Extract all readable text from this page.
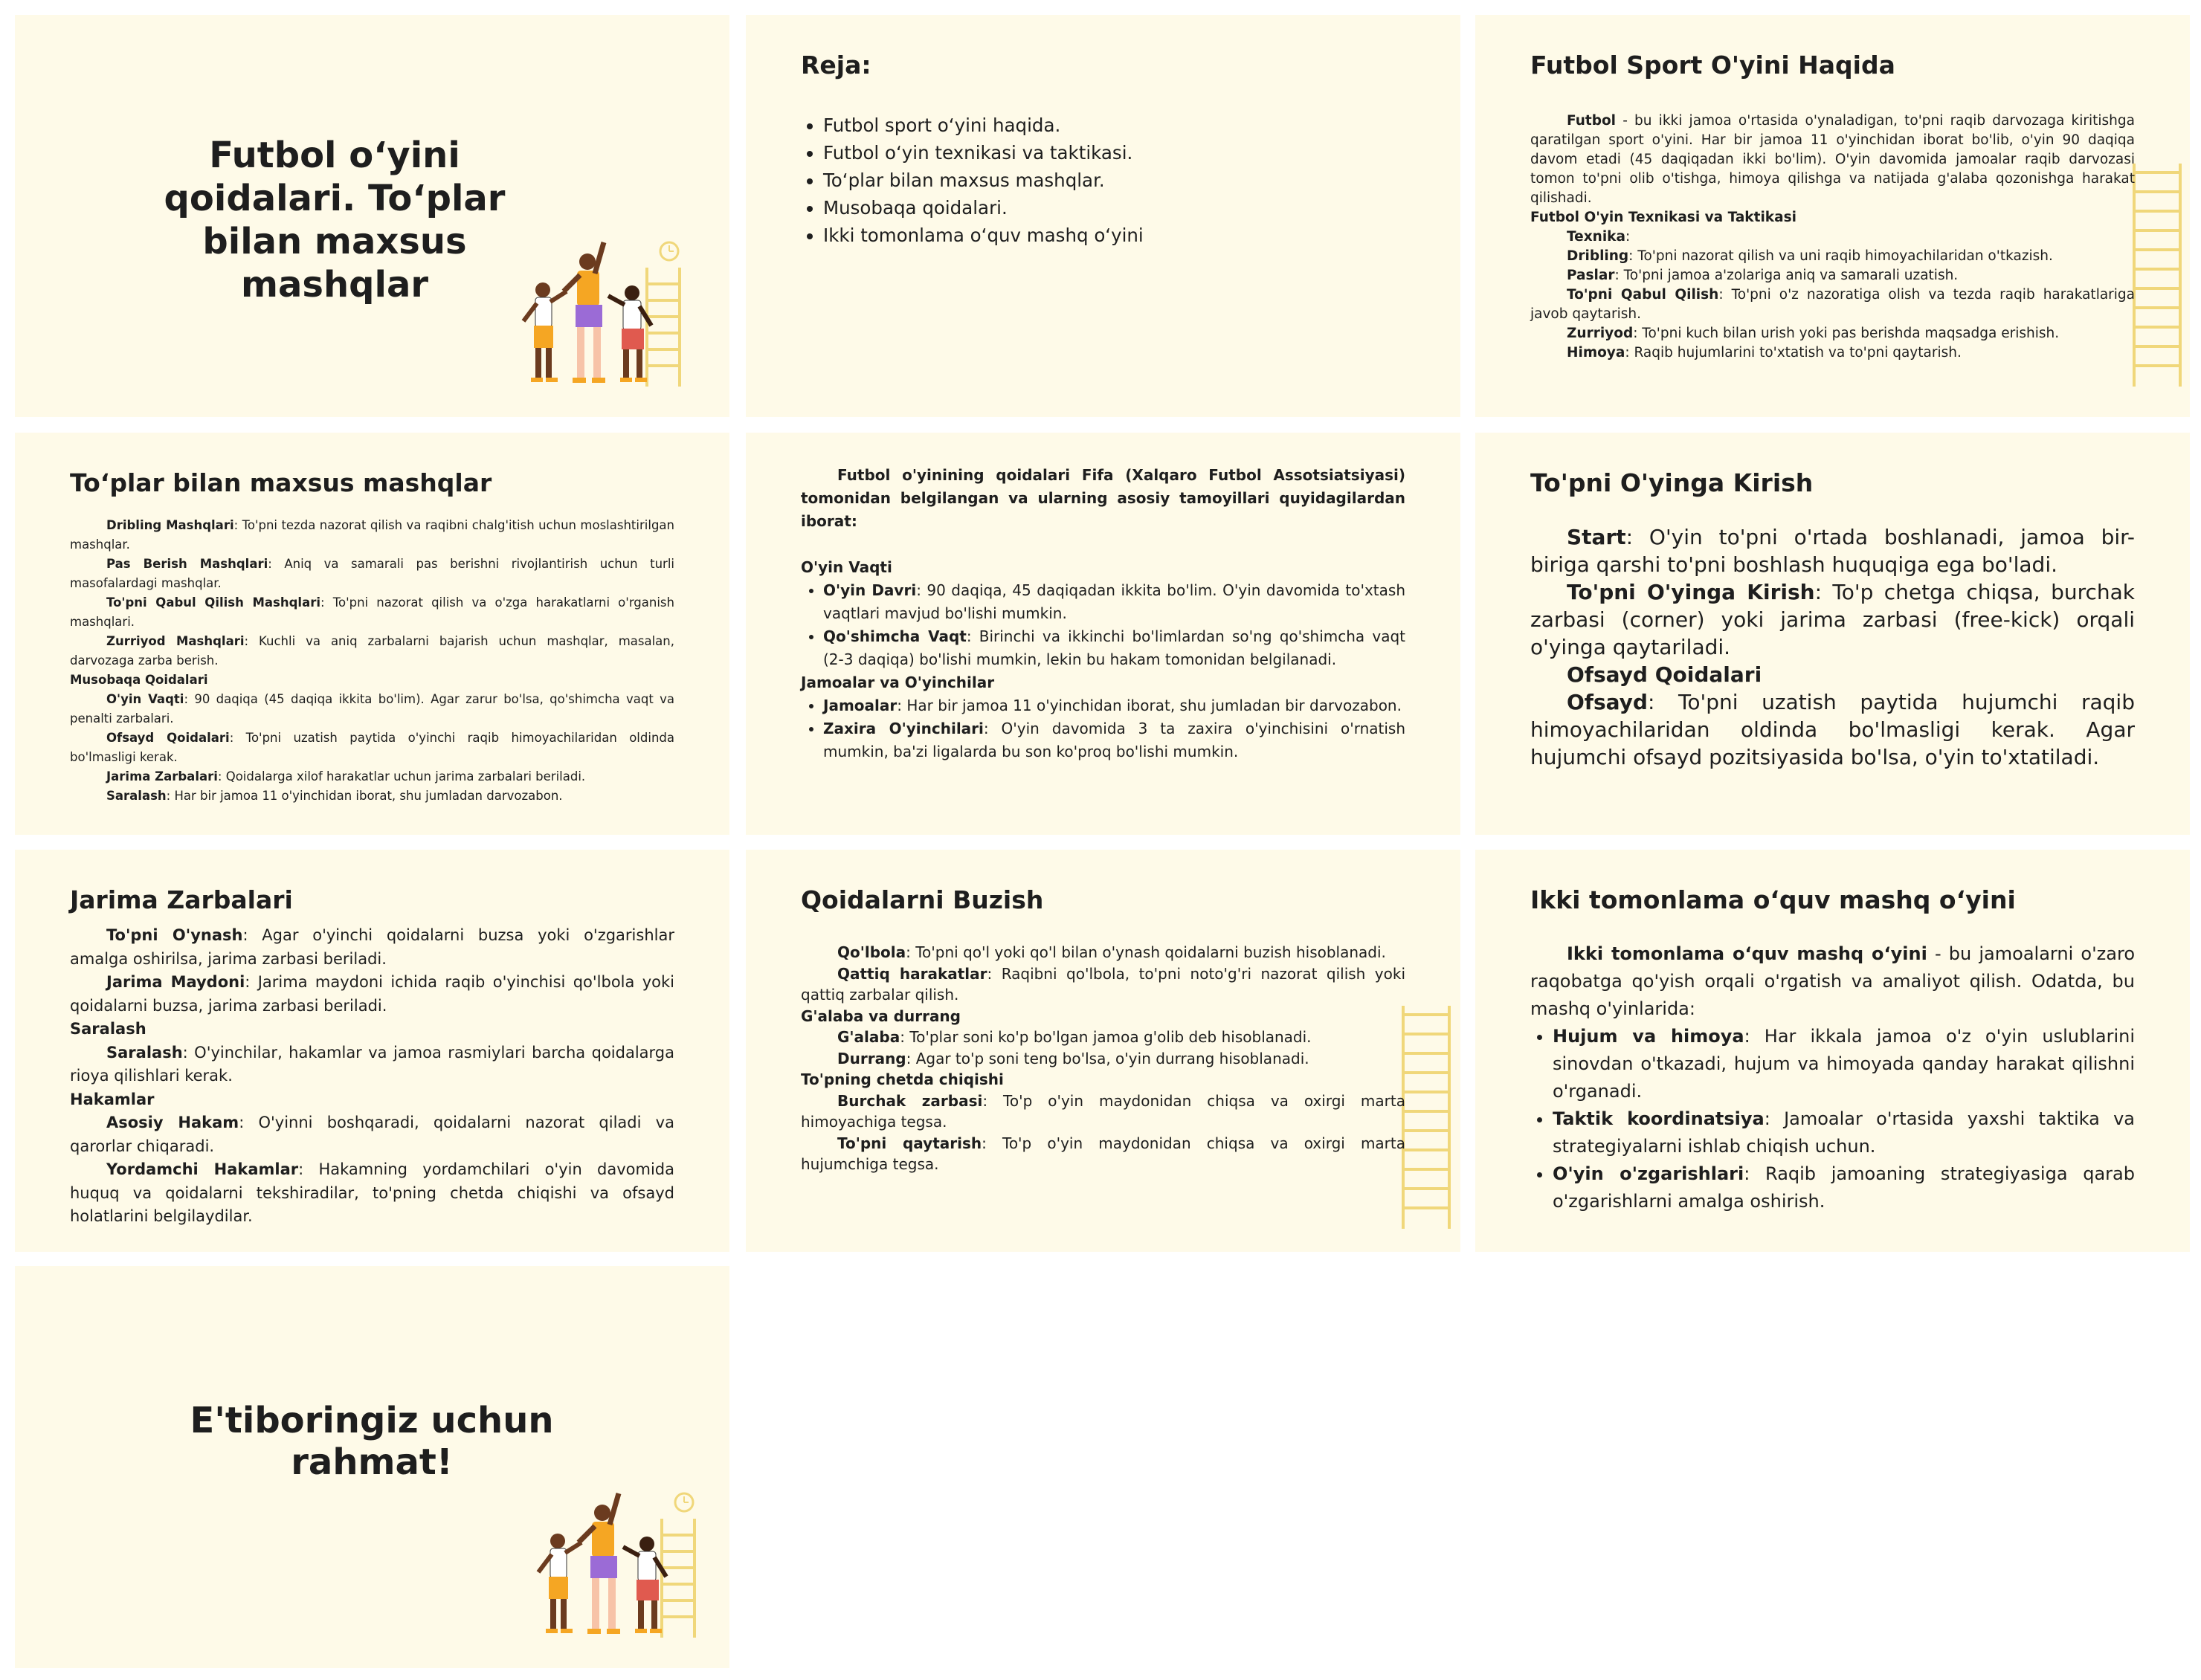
Futbol o‘yini qoidalari. To‘plar bilan maxsus mashqlar
Reja:
• Futbol sport o‘yini haqida.
• Futbol o‘yin texnikasi va taktikasi.
• To‘plar bilan maxsus mashqlar.
• Musobaqa qoidalari.
• Ikki tomonlama o‘quv mashq o‘yini
Futbol Sport O'yini Haqida

Futbol - bu ikki jamoa o'rtasida o'ynaladigan, to'pni raqib darvozaga kiritishga qaratilgan sport o'yini. Har bir jamoa 11 o'yinchidan iborat bo'lib, o'yin 90 daqiqa davom etadi (45 daqiqadan ikki bo'lim). O'yin davomida jamoalar raqib darvozasi tomon to'pni olib o'tishga, himoya qilishga va natijada g'alaba qozonishga harakat qilishadi.

Futbol O'yin Texnikasi va Taktikasi

Texnika:

Dribling: To'pni nazorat qilish va uni raqib himoyachilaridan o'tkazish.

Paslar: To'pni jamoa a'zolariga aniq va samarali uzatish.

To'pni Qabul Qilish: To'pni o'z nazoratiga olish va tezda raqib harakatlariga javob qaytarish.

Zurriyod: To'pni kuch bilan urish yoki pas berishda maqsadga erishish.

Himoya: Raqib hujumlarini to'xtatish va to'pni qaytarish.

To‘plar bilan maxsus mashqlar

Dribling Mashqlari: To'pni tezda nazorat qilish va raqibni chalg'itish uchun moslashtirilgan mashqlar.

Pas Berish Mashqlari: Aniq va samarali pas berishni rivojlantirish uchun turli masofalardagi mashqlar.

To'pni Qabul Qilish Mashqlari: To'pni nazorat qilish va o'zga harakatlarni o'rganish mashqlari.

Zurriyod Mashqlari: Kuchli va aniq zarbalarni bajarish uchun mashqlar, masalan, darvozaga zarba berish.

Musobaqa Qoidalari

O'yin Vaqti: 90 daqiqa (45 daqiqa ikkita bo'lim). Agar zarur bo'lsa, qo'shimcha vaqt va penalti zarbalari.

Ofsayd Qoidalari: To'pni uzatish paytida o'yinchi raqib himoyachilaridan oldinda bo'lmasligi kerak.

Jarima Zarbalari: Qoidalarga xilof harakatlar uchun jarima zarbalari beriladi.

Saralash: Har bir jamoa 11 o'yinchidan iborat, shu jumladan darvozabon.

Futbol o'yinining qoidalari Fifa (Xalqaro Futbol Assotsiatsiyasi) tomonidan belgilangan va ularning asosiy tamoyillari quyidagilardan iborat:

O'yin Vaqti

• O'yin Davri: 90 daqiqa, 45 daqiqadan ikkita bo'lim. O'yin davomida to'xtash vaqtlari mavjud bo'lishi mumkin.
• Qo'shimcha Vaqt: Birinchi va ikkinchi bo'limlardan so'ng qo'shimcha vaqt (2-3 daqiqa) bo'lishi mumkin, lekin bu hakam tomonidan belgilanadi.

Jamoalar va O'yinchilar

• Jamoalar: Har bir jamoa 11 o'yinchidan iborat, shu jumladan bir darvozabon.
• Zaxira O'yinchilari: O'yin davomida 3 ta zaxira o'yinchisini o'rnatish mumkin, ba'zi ligalarda bu son ko'proq bo'lishi mumkin.
To'pni O'yinga Kirish

Start: O'yin to'pni o'rtada boshlanadi, jamoa bir-biriga qarshi to'pni boshlash huquqiga ega bo'ladi.

To'pni O'yinga Kirish: To'p chetga chiqsa, burchak zarbasi (corner) yoki jarima zarbasi (free-kick) orqali o'yinga qaytariladi.

Ofsayd Qoidalari

Ofsayd: To'pni uzatish paytida hujumchi raqib himoyachilaridan oldinda bo'lmasligi kerak. Agar hujumchi ofsayd pozitsiyasida bo'lsa, o'yin to'xtatiladi.

Jarima Zarbalari

To'pni O'ynash: Agar o'yinchi qoidalarni buzsa yoki o'zgarishlar amalga oshirilsa, jarima zarbasi beriladi.

Jarima Maydoni: Jarima maydoni ichida raqib o'yinchisi qo'lbola yoki qoidalarni buzsa, jarima zarbasi beriladi.

Saralash

Saralash: O'yinchilar, hakamlar va jamoa rasmiylari barcha qoidalarga rioya qilishlari kerak.

Hakamlar

Asosiy Hakam: O'yinni boshqaradi, qoidalarni nazorat qiladi va qarorlar chiqaradi.

Yordamchi Hakamlar: Hakamning yordamchilari o'yin davomida huquq va qoidalarni tekshiradilar, to'pning chetda chiqishi va ofsayd holatlarini belgilaydilar.

Qoidalarni Buzish

Qo'lbola: To'pni qo'l yoki qo'l bilan o'ynash qoidalarni buzish hisoblanadi.

Qattiq harakatlar: Raqibni qo'lbola, to'pni noto'g'ri nazorat qilish yoki qattiq zarbalar qilish.

G'alaba va durrang

G'alaba: To'plar soni ko'p bo'lgan jamoa g'olib deb hisoblanadi.

Durrang: Agar to'p soni teng bo'lsa, o'yin durrang hisoblanadi.

To'pning chetda chiqishi

Burchak zarbasi: To'p o'yin maydonidan chiqsa va oxirgi marta himoyachiga tegsa.

To'pni qaytarish: To'p o'yin maydonidan chiqsa va oxirgi marta hujumchiga tegsa.

Ikki tomonlama o‘quv mashq o‘yini

Ikki tomonlama o‘quv mashq o‘yini - bu jamoalarni o'zaro raqobatga qo'yish orqali o'rgatish va amaliyot qilish. Odatda, bu mashq o'yinlarida:

• Hujum va himoya: Har ikkala jamoa o'z o'yin uslublarini sinovdan o'tkazadi, hujum va himoyada qanday harakat qilishni o'rganadi.
• Taktik koordinatsiya: Jamoalar o'rtasida yaxshi taktika va strategiyalarni ishlab chiqish uchun.
• O'yin o'zgarishlari: Raqib jamoaning strategiyasiga qarab o'zgarishlarni amalga oshirish.
E'tiboringiz uchun rahmat!
